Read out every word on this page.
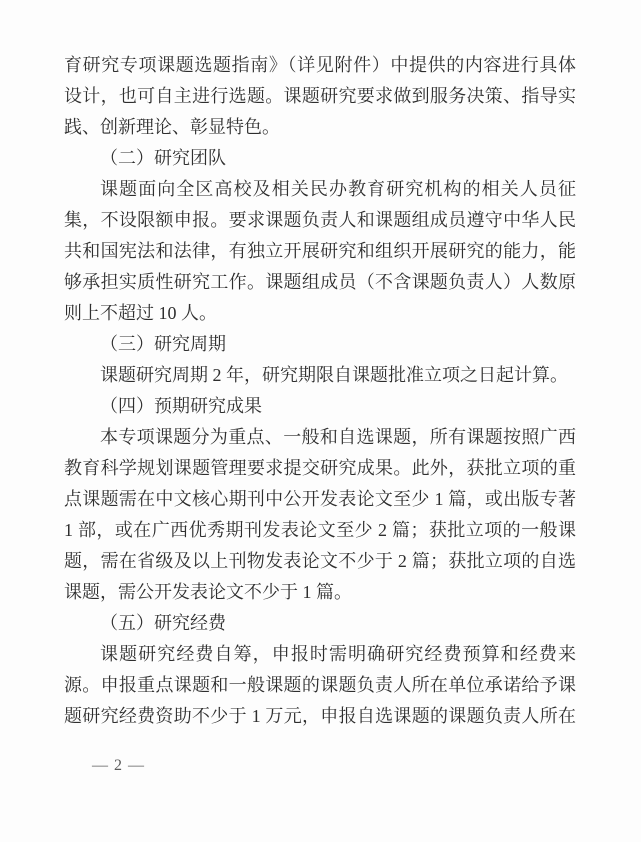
育研究专项课题选题指南》（详见附件）中提供的内容进行具体设计，也可自主进行选题。课题研究要求做到服务决策、指导实践、创新理论、彰显特色。

（二）研究团队

课题面向全区高校及相关民办教育研究机构的相关人员征集，不设限额申报。要求课题负责人和课题组成员遵守中华人民共和国宪法和法律，有独立开展研究和组织开展研究的能力，能够承担实质性研究工作。课题组成员（不含课题负责人）人数原则上不超过 10 人。

（三）研究周期

课题研究周期 2 年，研究期限自课题批准立项之日起计算。

（四）预期研究成果

本专项课题分为重点、一般和自选课题，所有课题按照广西教育科学规划课题管理要求提交研究成果。此外，获批立项的重点课题需在中文核心期刊中公开发表论文至少 1 篇，或出版专著 1 部，或在广西优秀期刊发表论文至少 2 篇；获批立项的一般课题，需在省级及以上刊物发表论文不少于 2 篇；获批立项的自选课题，需公开发表论文不少于 1 篇。

（五）研究经费

课题研究经费自筹，申报时需明确研究经费预算和经费来源。申报重点课题和一般课题的课题负责人所在单位承诺给予课题研究经费资助不少于 1 万元，申报自选课题的课题负责人所在

— 2 —
